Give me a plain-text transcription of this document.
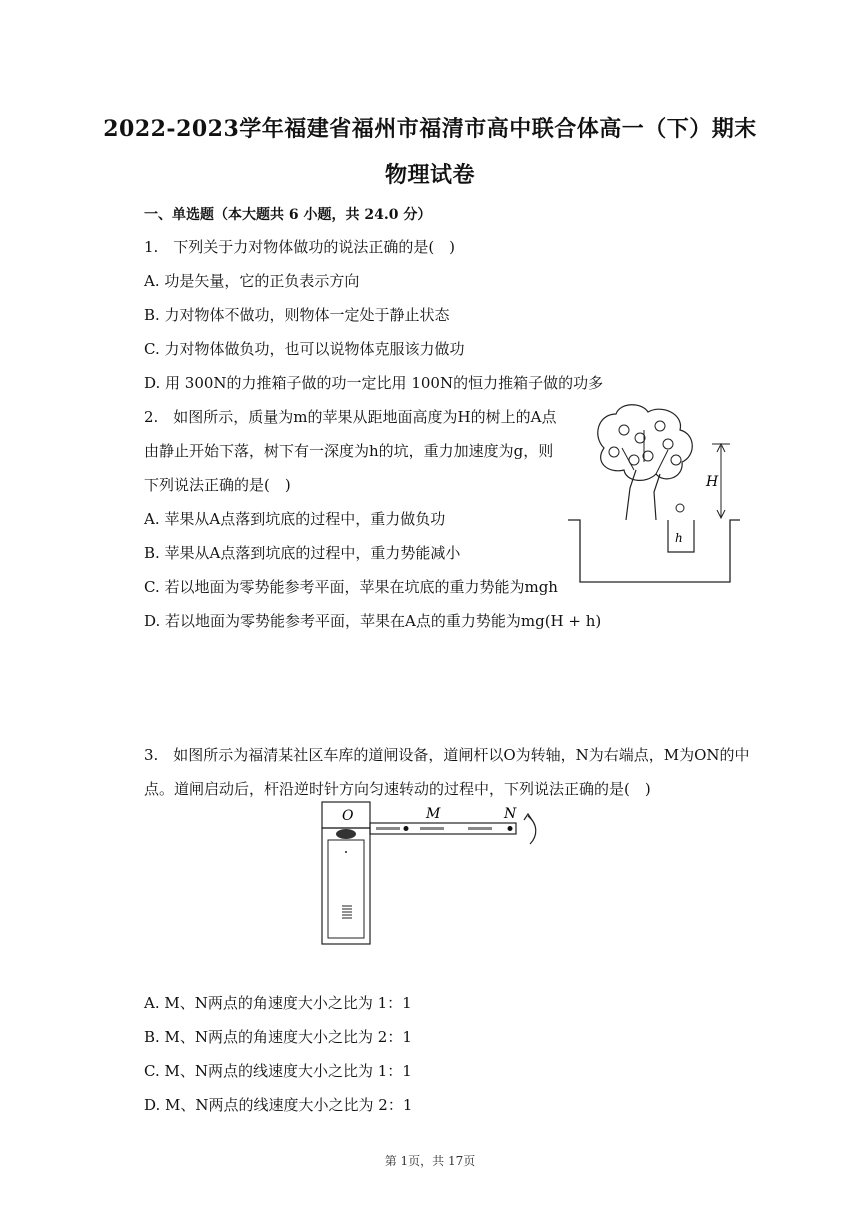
2022-2023学年福建省福州市福清市高中联合体高一（下）期末
物理试卷
一、单选题（本大题共 6 小题，共 24.0 分）
1.　下列关于力对物体做功的说法正确的是(　)
A. 功是矢量，它的正负表示方向
B. 力对物体不做功，则物体一定处于静止状态
C. 力对物体做负功，也可以说物体克服该力做功
D. 用 300N的力推箱子做的功一定比用 100N的恒力推箱子做的功多
2.　如图所示，质量为m的苹果从距地面高度为H的树上的A点
由静止开始下落，树下有一深度为h的坑，重力加速度为g，则
下列说法正确的是(　)
A. 苹果从A点落到坑底的过程中，重力做负功
B. 苹果从A点落到坑底的过程中，重力势能减小
C. 若以地面为零势能参考平面，苹果在坑底的重力势能为mgh
D. 若以地面为零势能参考平面，苹果在A点的重力势能为mg(H + h)
H
h
3.　如图所示为福清某社区车库的道闸设备，道闸杆以O为转轴，N为右端点，M为ON的中
点。道闸启动后，杆沿逆时针方向匀速转动的过程中，下列说法正确的是(　)
O	M	N
A. M、N两点的角速度大小之比为 1：1
B. M、N两点的角速度大小之比为 2：1
C. M、N两点的线速度大小之比为 1：1
D. M、N两点的线速度大小之比为 2：1
第 1页，共 17页
